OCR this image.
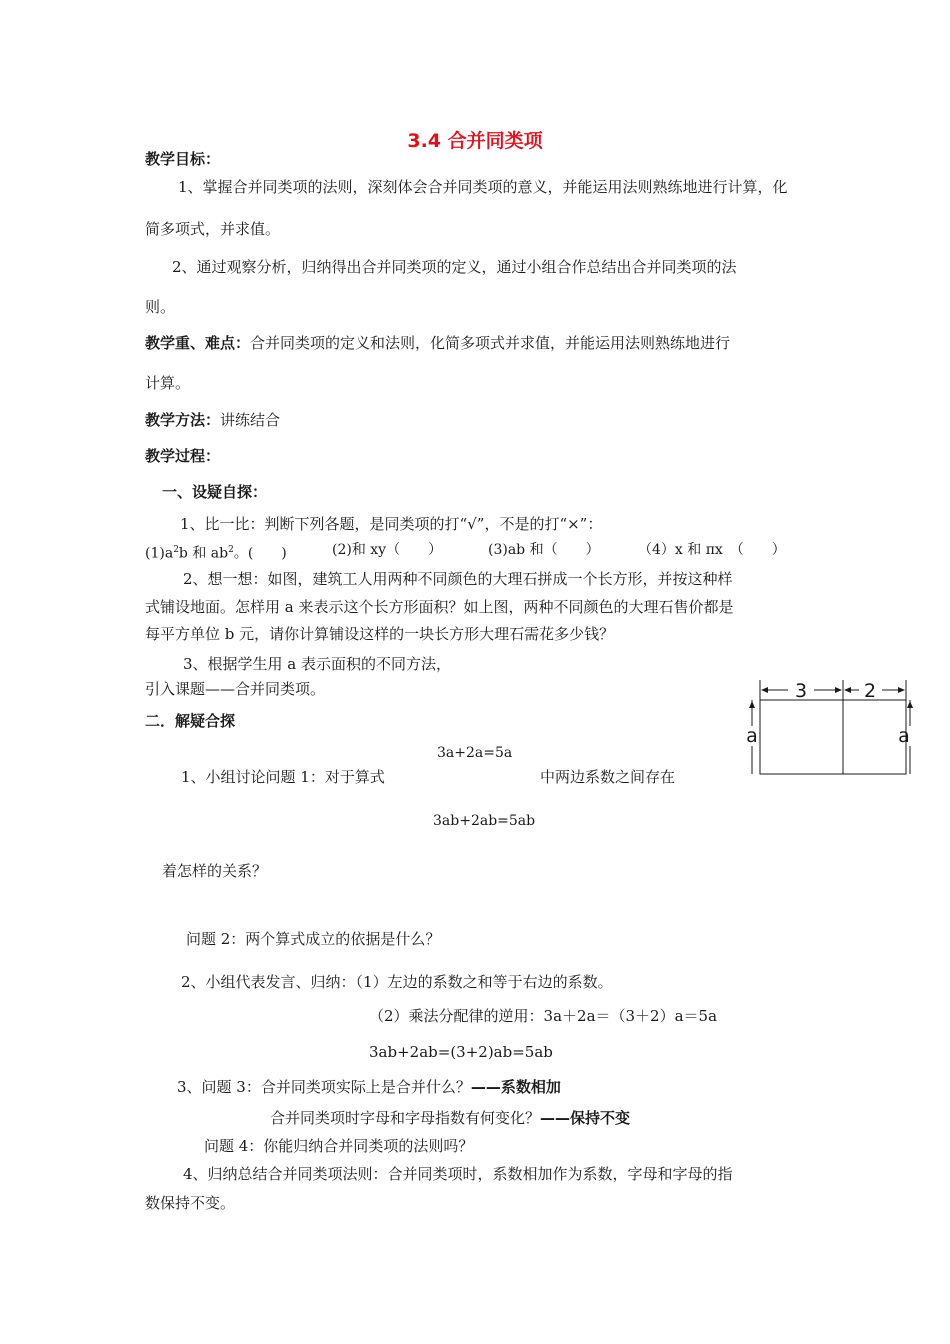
3.4 合并同类项
教学目标：
1、掌握合并同类项的法则，深刻体会合并同类项的意义，并能运用法则熟练地进行计算，化
简多项式，并求值。
2、通过观察分析，归纳得出合并同类项的定义，通过小组合作总结出合并同类项的法
则。
教学重、难点：合并同类项的定义和法则，化简多项式并求值，并能运用法则熟练地进行
计算。
教学方法：讲练结合
教学过程：
一、设疑自探：
1、比一比：判断下列各题，是同类项的打“√”，不是的打“×”：
$(1)a^2b$ 和 $ab^2$。(　　)	(2)和 xy（　　）	(3)ab 和（　　）	（4）x 和 πx　（　　）
2、想一想：如图，建筑工人用两种不同颜色的大理石拼成一个长方形，并按这种样
式铺设地面。怎样用 a 来表示这个长方形面积？如上图，两种不同颜色的大理石售价都是
每平方单位 b 元，请你计算铺设这样的一块长方形大理石需花多少钱？
3、根据学生用 a 表示面积的不同方法，
引入课题——合并同类项。	3	2
a	a
二．解疑合探
3a+2a=5a
1、小组讨论问题 1：对于算式	中两边系数之间存在
3ab+2ab=5ab
着怎样的关系？
问题 2：两个算式成立的依据是什么？
2、小组代表发言、归纳：（1）左边的系数之和等于右边的系数。
（2）乘法分配律的逆用：3a＋2a＝（3＋2）a＝5a
3ab+2ab=(3+2)ab=5ab
3、问题 3：合并同类项实际上是合并什么？——系数相加
合并同类项时字母和字母指数有何变化？——保持不变
问题 4：你能归纳合并同类项的法则吗？
4、归纳总结合并同类项法则：合并同类项时，系数相加作为系数，字母和字母的指
数保持不变。
